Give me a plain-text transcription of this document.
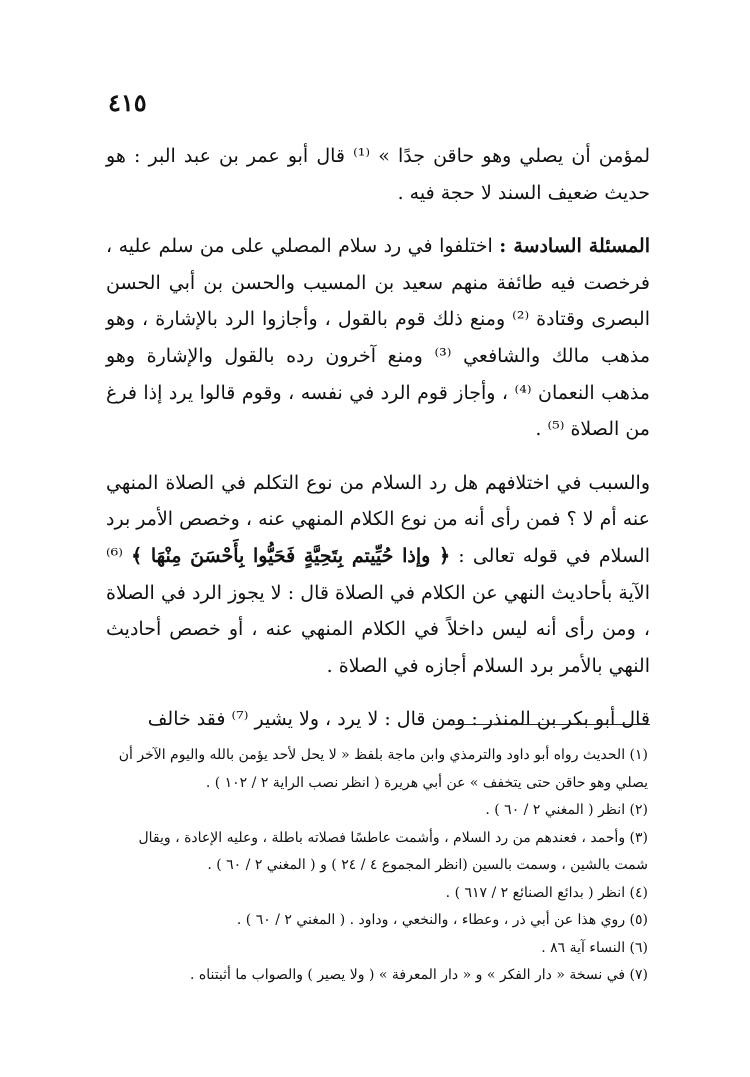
٤١٥

لمؤمن أن يصلي وهو حاقن جدًا » ⁽¹⁾ قال أبو عمر بن عبد البر : هو حديث ضعيف السند لا حجة فيه .

المسئلة السادسة : اختلفوا في رد سلام المصلي على من سلم عليه ، فرخصت فيه طائفة منهم سعيد بن المسيب والحسن بن أبي الحسن البصرى وقتادة ⁽²⁾ ومنع ذلك قوم بالقول ، وأجازوا الرد بالإشارة ، وهو مذهب مالك والشافعي ⁽³⁾ ومنع آخرون رده بالقول والإشارة وهو مذهب النعمان ⁽⁴⁾ ، وأجاز قوم الرد في نفسه ، وقوم قالوا يرد إذا فرغ من الصلاة ⁽⁵⁾ .

والسبب في اختلافهم هل رد السلام من نوع التكلم في الصلاة المنهي عنه أم لا ؟ فمن رأى أنه من نوع الكلام المنهي عنه ، وخصص الأمر برد السلام في قوله تعالى : ﴿ وإذا حُيِّيتم بِتَحِيَّةٍ فَحَيُّوا بِأَحْسَنَ مِنْهَا ﴾ ⁽⁶⁾ الآية بأحاديث النهي عن الكلام في الصلاة قال : لا يجوز الرد في الصلاة ، ومن رأى أنه ليس داخلاً في الكلام المنهي عنه ، أو خصص أحاديث النهي بالأمر برد السلام أجازه في الصلاة .

قال أبو بكر بن المنذر : ومن قال : لا يرد ، ولا يشير ⁽⁷⁾ فقد خالف

(١) الحديث رواه أبو داود والترمذي وابن ماجة بلفظ « لا يحل لأحد يؤمن بالله واليوم الآخر أن يصلي وهو حاقن حتى يتخفف » عن أبي هريرة ( انظر نصب الراية ٢ / ١٠٢ ) .

(٢) انظر ( المغني ٢ / ٦٠ ) .

(٣) وأحمد ، فعندهم من رد السلام ، وأشمت عاطسًا فصلاته باطلة ، وعليه الإعادة ، ويقال شمت بالشين ، وسمت بالسين (انظر المجموع ٤ / ٢٤ ) و ( المغني ٢ / ٦٠ ) .

(٤) انظر ( بدائع الصنائع ٢ / ٦١٧ ) .

(٥) روي هذا عن أبي ذر ، وعطاء ، والنخعي ، وداود . ( المغني ٢ / ٦٠ ) .

(٦) النساء آية ٨٦ .

(٧) في نسخة « دار الفكر » و « دار المعرفة » ( ولا يصير ) والصواب ما أثبتناه .
